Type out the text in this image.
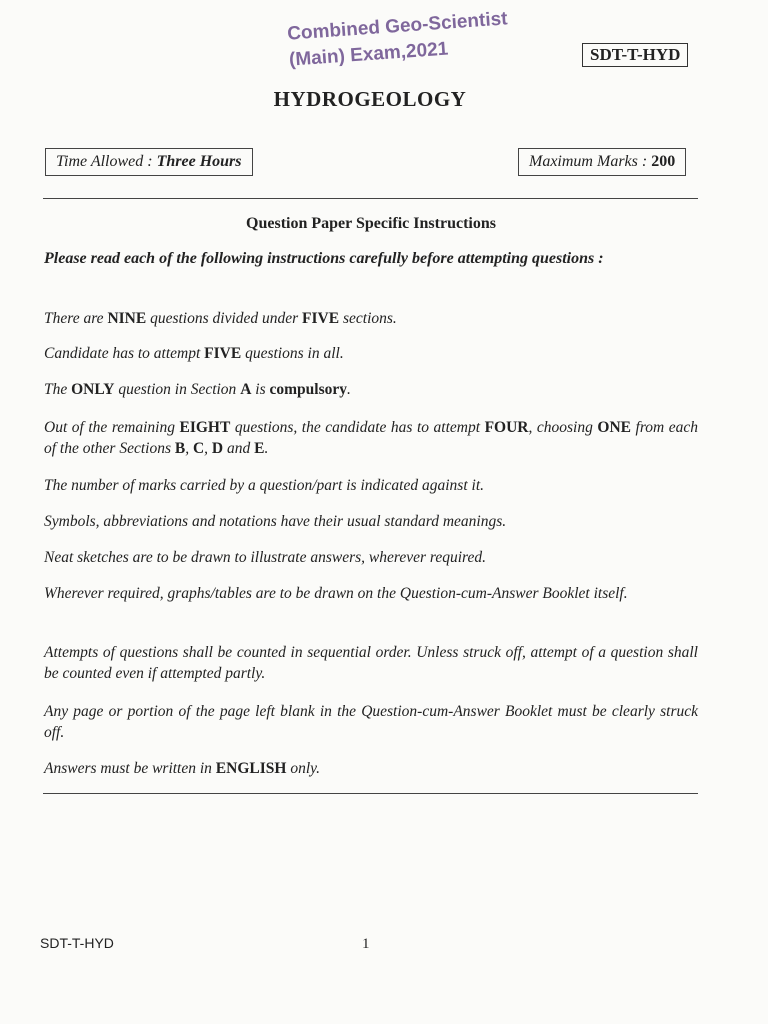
Combined Geo-Scientist
(Main) Exam,2021	SDT-T-HYD
HYDROGEOLOGY
Time Allowed : Three Hours	Maximum Marks : 200
Question Paper Specific Instructions
Please read each of the following instructions carefully before attempting questions :
There are NINE questions divided under FIVE sections.
Candidate has to attempt FIVE questions in all.
The ONLY question in Section A is compulsory.
Out of the remaining EIGHT questions, the candidate has to attempt FOUR, choosing ONE from each of the other Sections B, C, D and E.
The number of marks carried by a question/part is indicated against it.
Symbols, abbreviations and notations have their usual standard meanings.
Neat sketches are to be drawn to illustrate answers, wherever required.
Wherever required, graphs/tables are to be drawn on the Question-cum-Answer Booklet itself.
Attempts of questions shall be counted in sequential order. Unless struck off, attempt of a question shall be counted even if attempted partly.
Any page or portion of the page left blank in the Question-cum-Answer Booklet must be clearly struck off.
Answers must be written in ENGLISH only.
SDT-T-HYD	1
